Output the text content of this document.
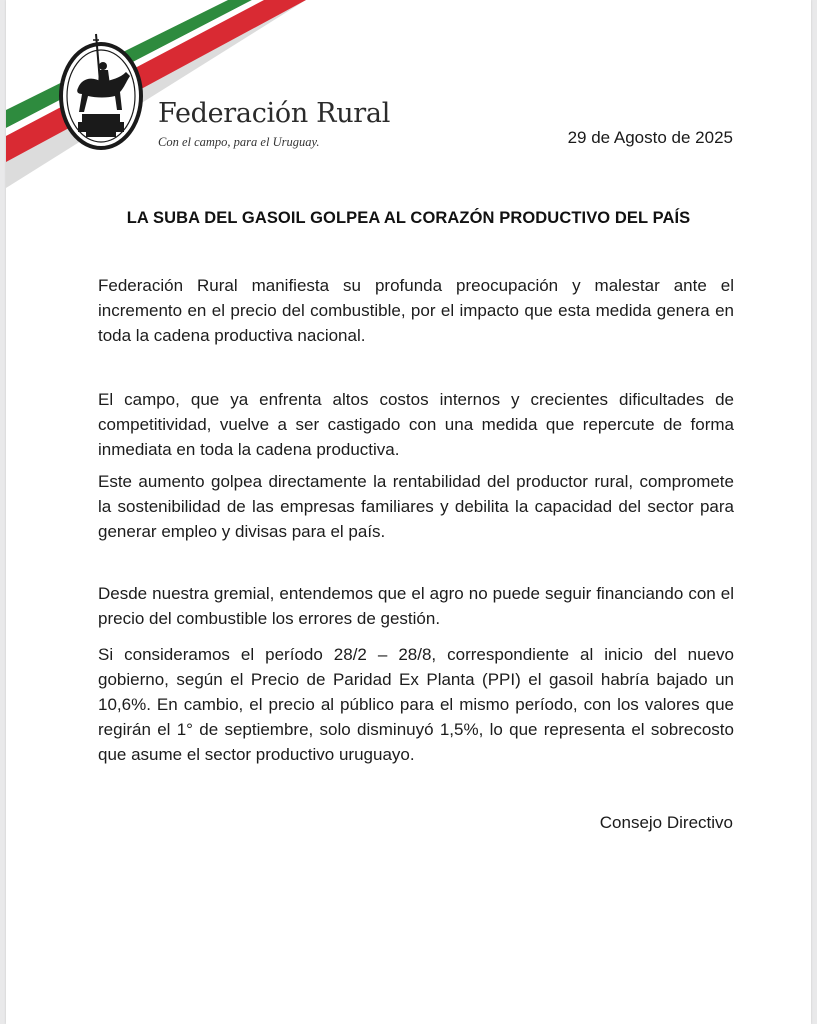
Federación Rural
Con el campo, para el Uruguay.	29 de Agosto de 2025
LA SUBA DEL GASOIL GOLPEA AL CORAZÓN PRODUCTIVO DEL PAÍS

Federación Rural manifiesta su profunda preocupación y malestar ante el incremento en el precio del combustible, por el impacto que esta medida genera en toda la cadena productiva nacional.

El campo, que ya enfrenta altos costos internos y crecientes dificultades de competitividad, vuelve a ser castigado con una medida que repercute de forma inmediata en toda la cadena productiva.

Este aumento golpea directamente la rentabilidad del productor rural, compromete la sostenibilidad de las empresas familiares y debilita la capacidad del sector para generar empleo y divisas para el país.

Desde nuestra gremial, entendemos que el agro no puede seguir financiando con el precio del combustible los errores de gestión.

Si consideramos el período 28/2 – 28/8, correspondiente al inicio del nuevo gobierno, según el Precio de Paridad Ex Planta (PPI) el gasoil habría bajado un 10,6%. En cambio, el precio al público para el mismo período, con los valores que regirán el 1° de septiembre, solo disminuyó 1,5%, lo que representa el sobrecosto que asume el sector productivo uruguayo.

Consejo Directivo
